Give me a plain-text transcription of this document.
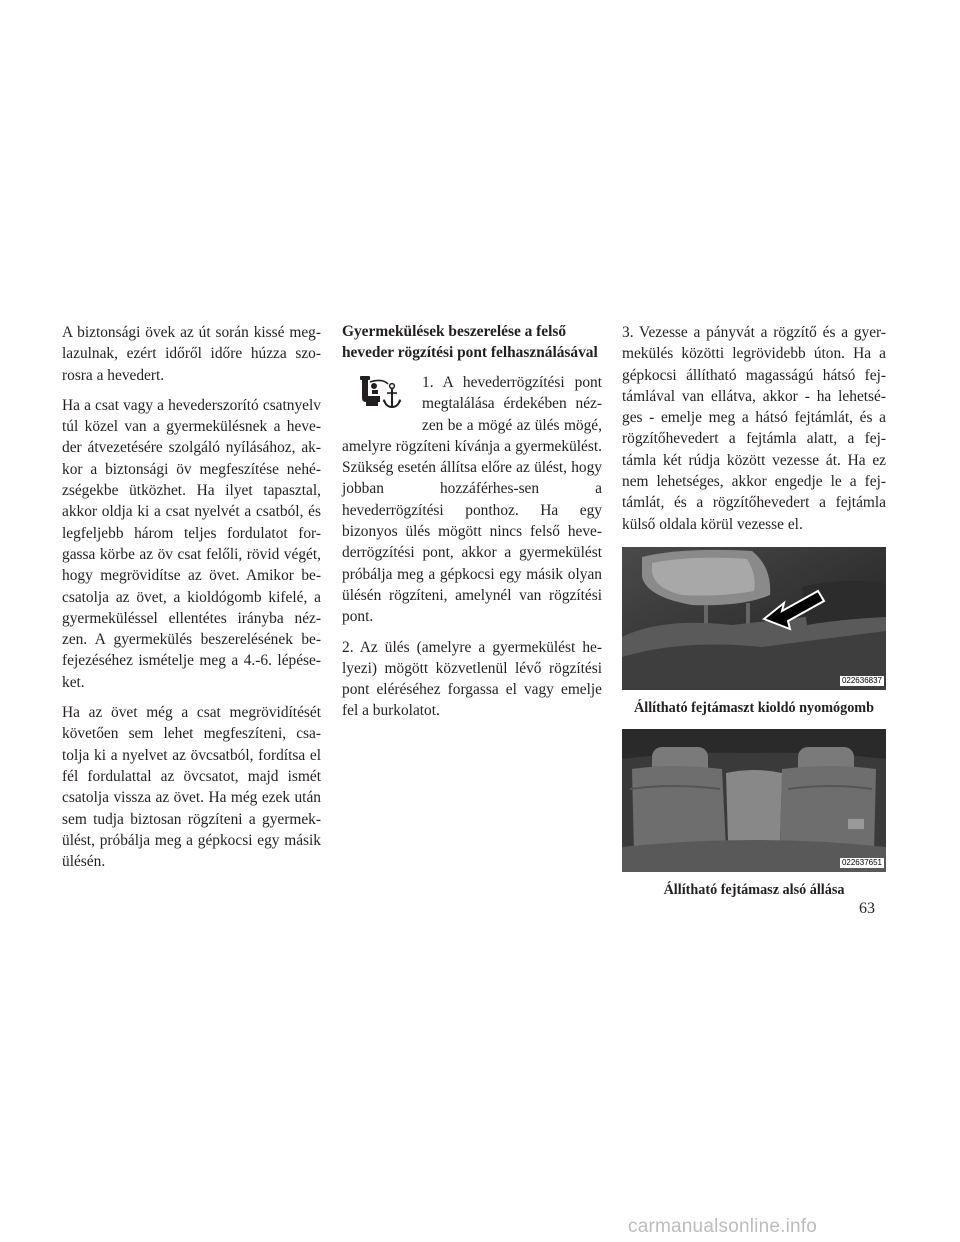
A biztonsági övek az út során kissé meg-lazulnak, ezért időről időre húzza szo-rosra a hevedert.

Ha a csat vagy a hevederszorító csatnyelv túl közel van a gyermekülésnek a heve-der átvezetésére szolgáló nyílásához, ak-kor a biztonsági öv megfeszítése nehé-zségekbe ütközhet. Ha ilyet tapasztal, akkor oldja ki a csat nyelvét a csatból, és legfeljebb három teljes fordulatot for-gassa körbe az öv csat felőli, rövid végét, hogy megrövidítse az övet. Amikor be-csatolja az övet, a kioldógomb kifelé, a gyermeküléssel ellentétes irányba néz-zen. A gyermekülés beszerelésének be-fejezéséhez ismételje meg a 4.-6. lépése-ket.

Ha az övet még a csat megrövidítését követően sem lehet megfeszíteni, csa-tolja ki a nyelvet az övcsatból, fordítsa el fél fordulattal az övcsatot, majd ismét csatolja vissza az övet. Ha még ezek után sem tudja biztosan rögzíteni a gyermek-ülést, próbálja meg a gépkocsi egy másik ülésén.

Gyermekülések beszerelése a felső heveder rögzítési pont felhasználásával

1. A hevederrögzítési pont megtalálása érdekében néz-zen be a mögé az ülés mögé, amelyre rögzíteni kívánja a gyermekülést. Szükség esetén állítsa előre az ülést, hogy jobban hozzáférhes-sen a hevederrögzítési ponthoz. Ha egy bizonyos ülés mögött nincs felső heve-derrögzítési pont, akkor a gyermekülést próbálja meg a gépkocsi egy másik olyan ülésén rögzíteni, amelynél van rögzítési pont.

2. Az ülés (amelyre a gyermekülést he-lyezi) mögött közvetlenül lévő rögzítési pont eléréséhez forgassa el vagy emelje fel a burkolatot.

3. Vezesse a pányvát a rögzítő és a gyer-mekülés közötti legrövidebb úton. Ha a gépkocsi állítható magasságú hátsó fej-támlával van ellátva, akkor - ha lehetsé-ges - emelje meg a hátsó fejtámlát, és a rögzítőhevedert a fejtámla alatt, a fej-támla két rúdja között vezesse át. Ha ez nem lehetséges, akkor engedje le a fej-támlát, és a rögzítőhevedert a fejtámla külső oldala körül vezesse el.

022636837
Állítható fejtámaszt kioldó nyomógomb
022637651
Állítható fejtámasz alsó állása
63
carmanualsonline.info
